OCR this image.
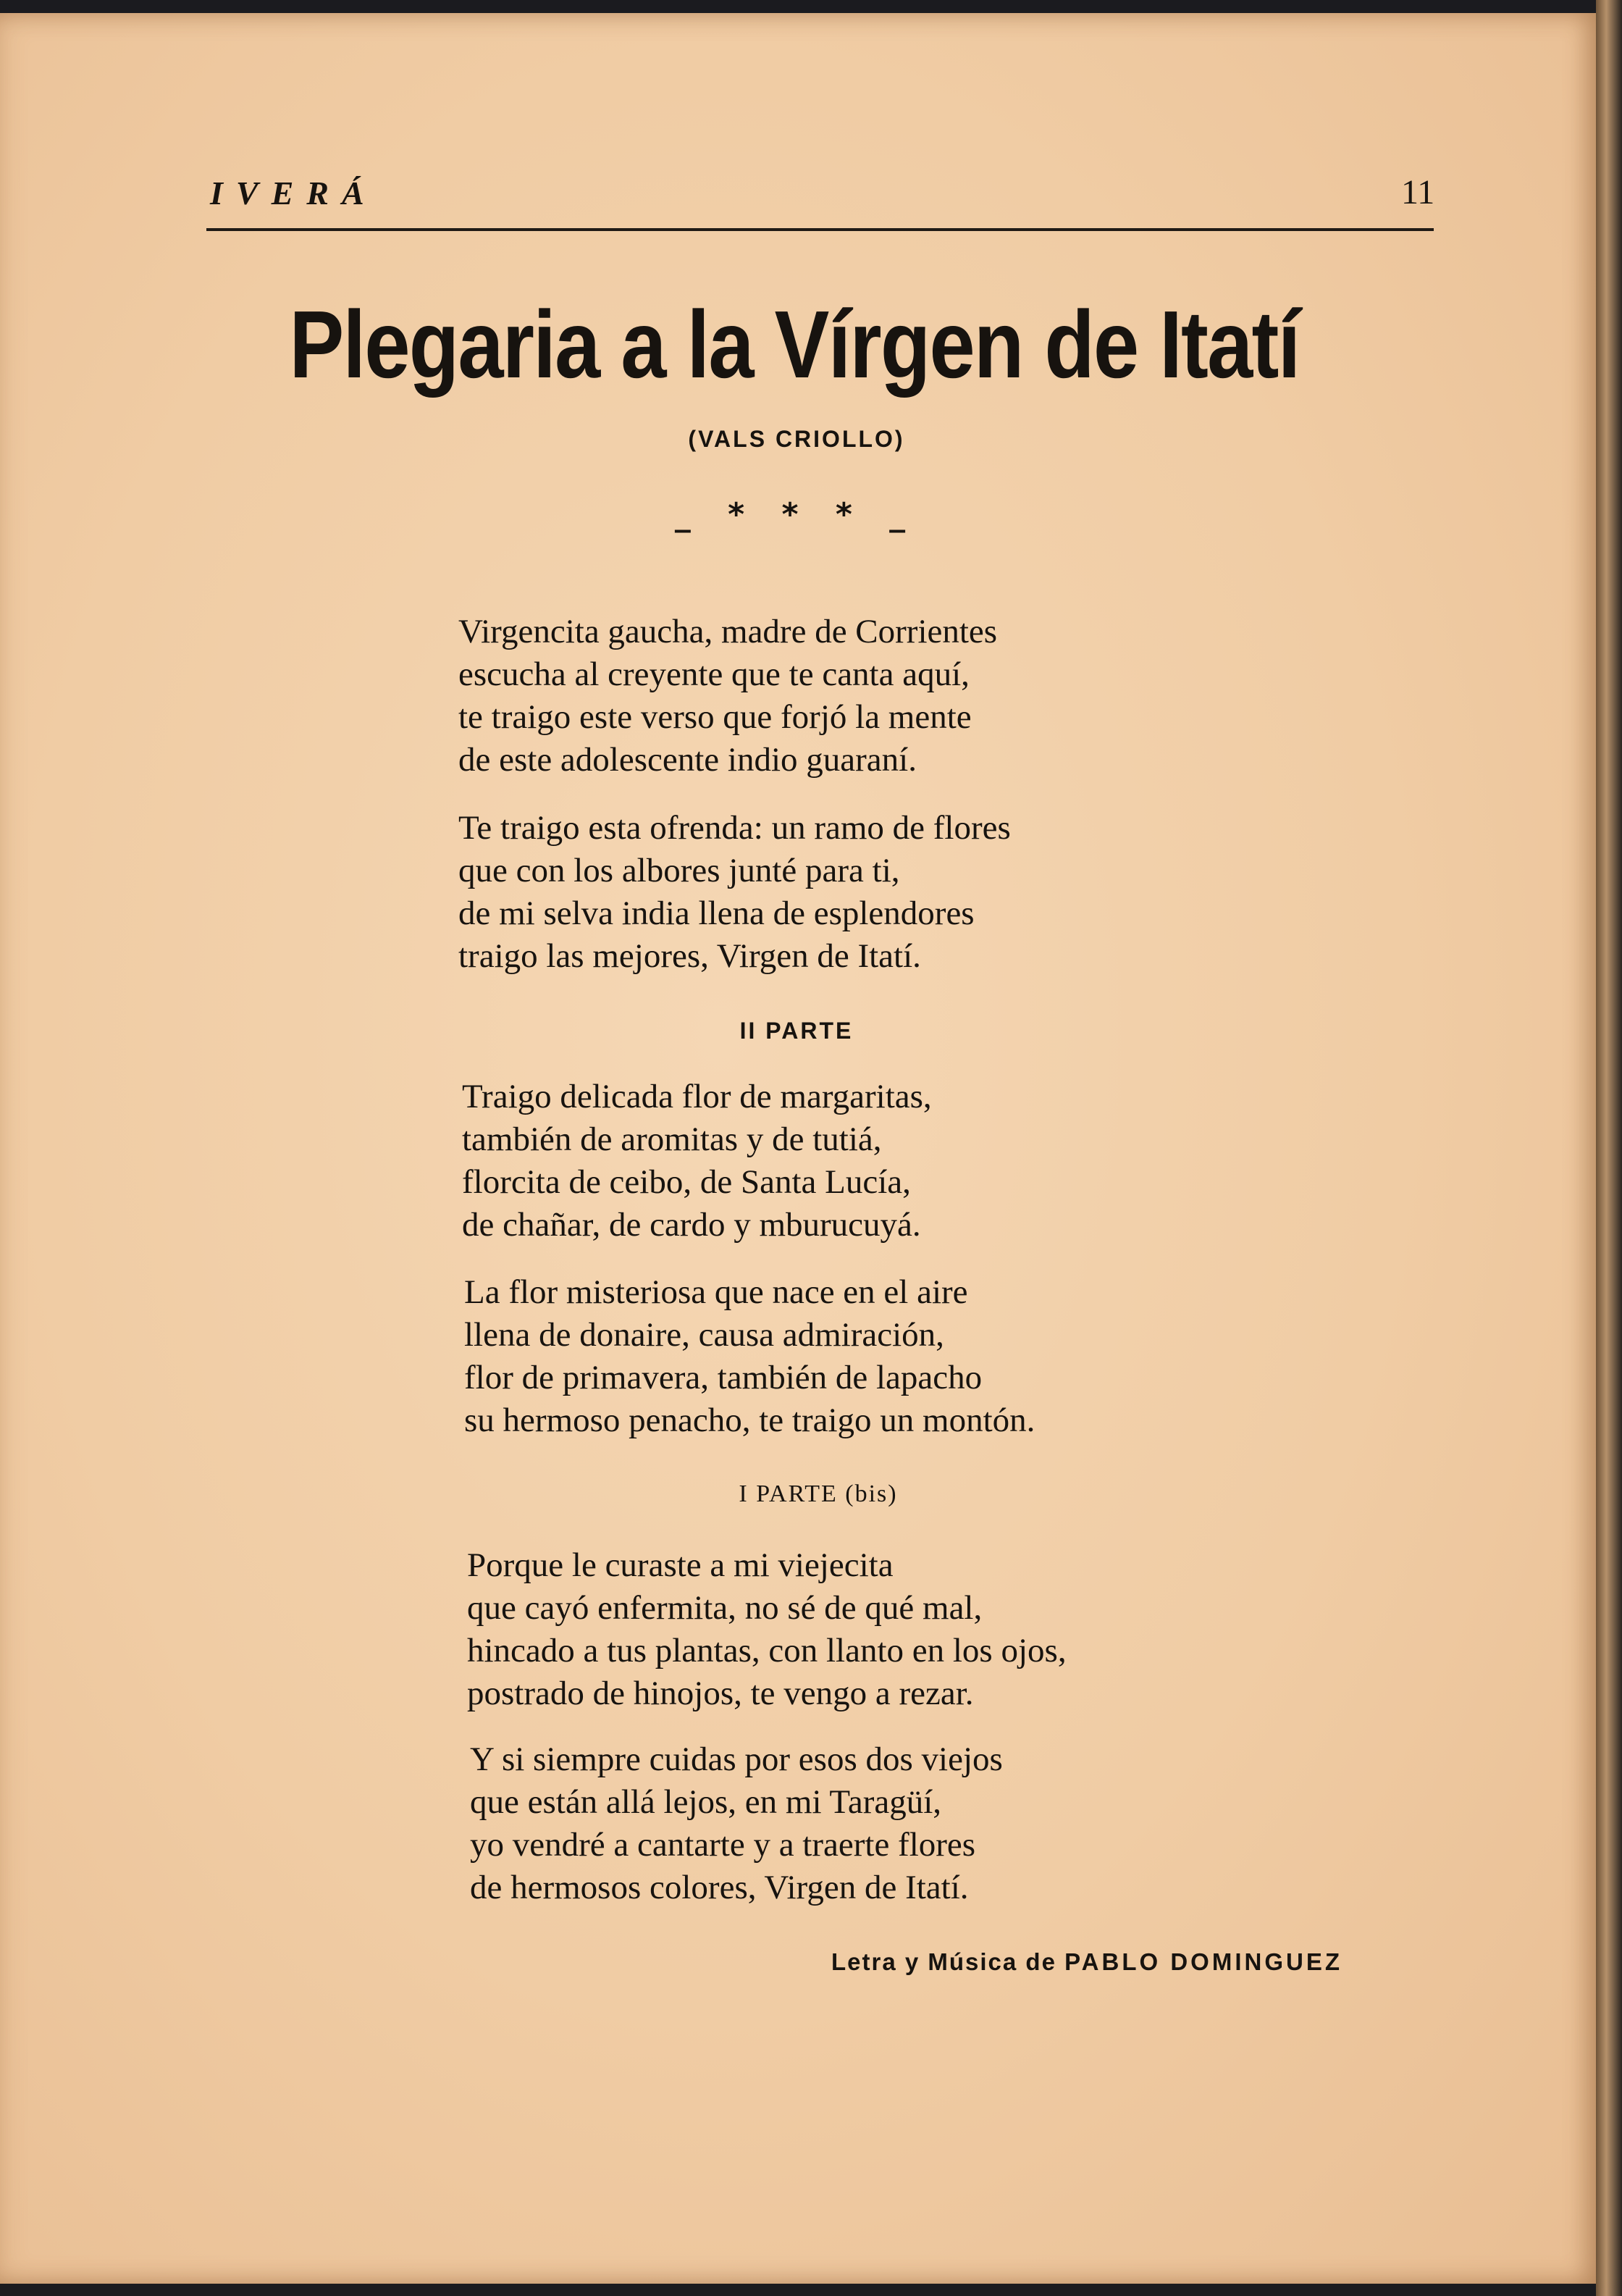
IVERÁ	11
Plegaria a la Vírgen de Itatí
(VALS CRIOLLO)
_ * * * _
Virgencita gaucha, madre de Corrientes
escucha al creyente que te canta aquí,
te traigo este verso que forjó la mente
de este adolescente indio guaraní.
Te traigo esta ofrenda: un ramo de flores
que con los albores junté para ti,
de mi selva india llena de esplendores
traigo las mejores, Virgen de Itatí.
II PARTE
Traigo delicada flor de margaritas,
también de aromitas y de tutiá,
florcita de ceibo, de Santa Lucía,
de chañar, de cardo y mburucuyá.
La flor misteriosa que nace en el aire
llena de donaire, causa admiración,
flor de primavera, también de lapacho
su hermoso penacho, te traigo un montón.
I PARTE (bis)
Porque le curaste a mi viejecita
que cayó enfermita, no sé de qué mal,
hincado a tus plantas, con llanto en los ojos,
postrado de hinojos, te vengo a rezar.
Y si siempre cuidas por esos dos viejos
que están allá lejos, en mi Taragüí,
yo vendré a cantarte y a traerte flores
de hermosos colores, Virgen de Itatí.
Letra y Música de PABLO DOMINGUEZ
